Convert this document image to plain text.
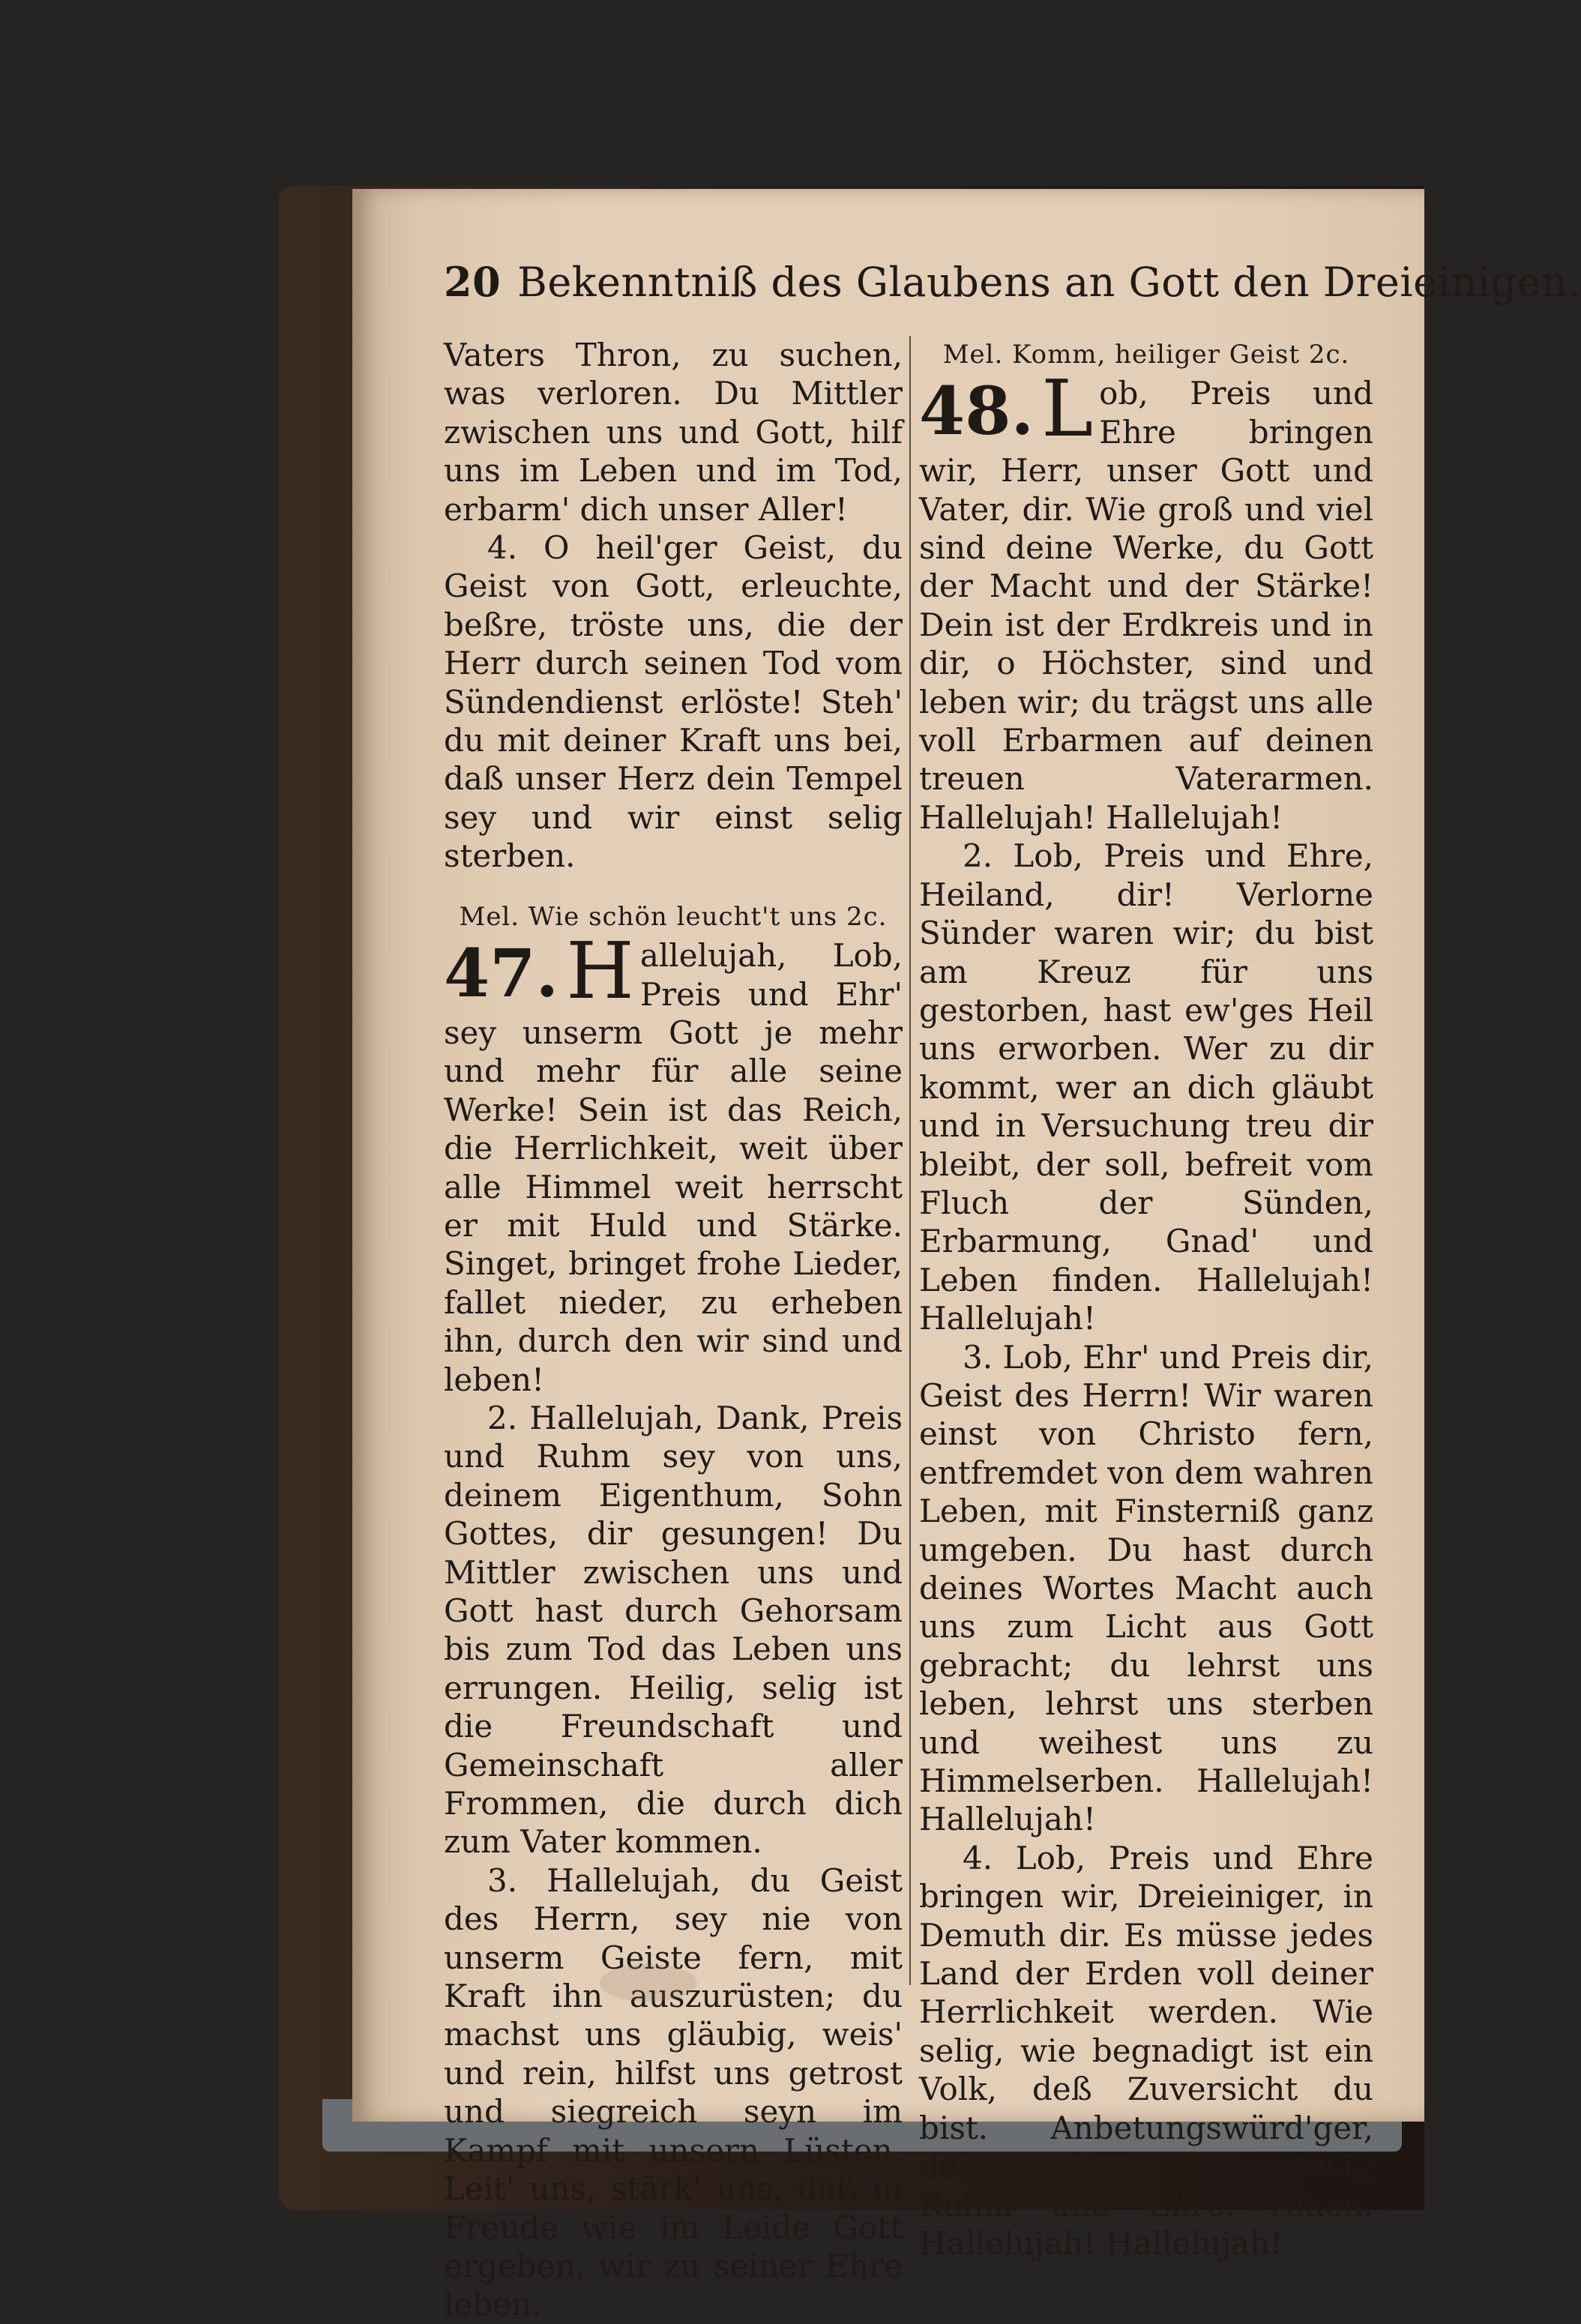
20 Bekenntniß des Glaubens an Gott den Dreieinigen.

Vaters Thron, zu suchen, was verloren. Du Mittler zwischen uns und Gott, hilf uns im Leben und im Tod, erbarm' dich unser Aller!

4. O heil'ger Geist, du Geist von Gott, erleuchte, beßre, tröste uns, die der Herr durch seinen Tod vom Sündendienst erlöste! Steh' du mit deiner Kraft uns bei, daß unser Herz dein Tempel sey und wir einst selig sterben.

Mel. Wie schön leucht't uns 2c.

47. H allelujah, Lob, Preis und Ehr' sey unserm Gott je mehr und mehr für alle seine Werke! Sein ist das Reich, die Herrlichkeit, weit über alle Himmel weit herrscht er mit Huld und Stärke. Singet, bringet frohe Lieder, fallet nieder, zu erheben ihn, durch den wir sind und leben!

2. Hallelujah, Dank, Preis und Ruhm sey von uns, deinem Eigenthum, Sohn Gottes, dir gesungen! Du Mittler zwischen uns und Gott hast durch Gehorsam bis zum Tod das Leben uns errungen. Heilig, selig ist die Freundschaft und Gemeinschaft aller Frommen, die durch dich zum Vater kommen.

3. Hallelujah, du Geist des Herrn, sey nie von unserm Geiste fern, mit Kraft ihn auszurüsten; du machst uns gläubig, weis' und rein, hilfst uns getrost und siegreich seyn im Kampf mit unsern Lüsten. Leit' uns, stärk' uns, daß in Freude wie im Leide Gott ergeben, wir zu seiner Ehre leben.

Mel. Komm, heiliger Geist 2c.

48. L ob, Preis und Ehre bringen wir, Herr, unser Gott und Vater, dir. Wie groß und viel sind deine Werke, du Gott der Macht und der Stärke! Dein ist der Erdkreis und in dir, o Höchster, sind und leben wir; du trägst uns alle voll Erbarmen auf deinen treuen Vaterarmen. Hallelujah! Hallelujah!

2. Lob, Preis und Ehre, Heiland, dir! Verlorne Sünder waren wir; du bist am Kreuz für uns gestorben, hast ew'ges Heil uns erworben. Wer zu dir kommt, wer an dich gläubt und in Versuchung treu dir bleibt, der soll, befreit vom Fluch der Sünden, Erbarmung, Gnad' und Leben finden. Hallelujah! Hallelujah!

3. Lob, Ehr' und Preis dir, Geist des Herrn! Wir waren einst von Christo fern, entfremdet von dem wahren Leben, mit Finsterniß ganz umgeben. Du hast durch deines Wortes Macht auch uns zum Licht aus Gott gebracht; du lehrst uns leben, lehrst uns sterben und weihest uns zu Himmelserben. Hallelujah! Hallelujah!

4. Lob, Preis und Ehre bringen wir, Dreieiniger, in Demuth dir. Es müsse jedes Land der Erden voll deiner Herrlichkeit werden. Wie selig, wie begnadigt ist ein Volk, deß Zuversicht du bist. Anbetungswürd'ger, deinem Namen sey ewig Ruhm und Ehre. Amen. Hallelujah! Hallelujah!
